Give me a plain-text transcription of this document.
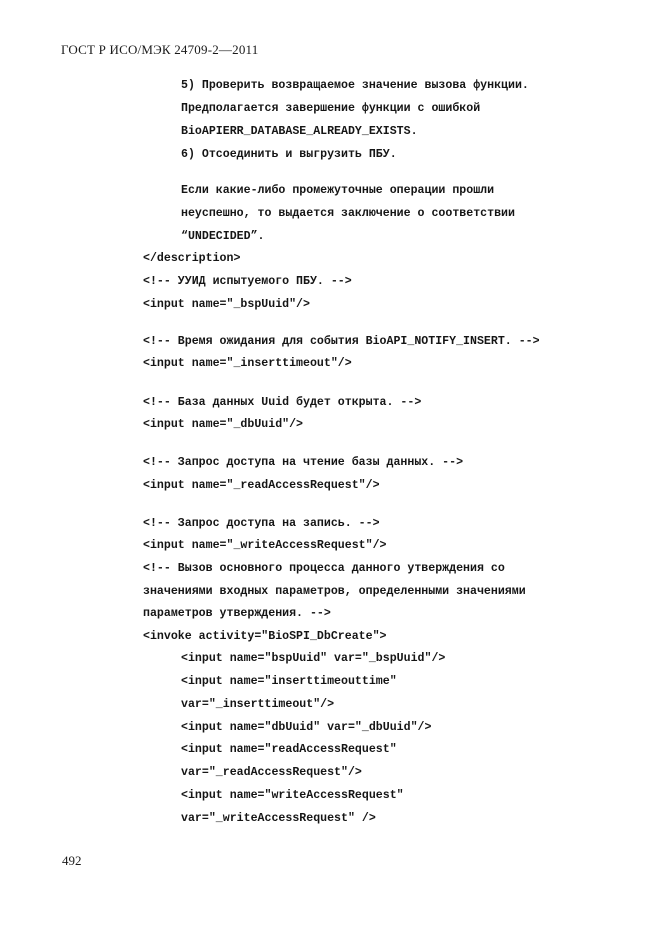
ГОСТ Р ИСО/МЭК 24709-2—2011
5) Проверить возвращаемое значение вызова функции.
Предполагается завершение функции с ошибкой
BioAPIERR_DATABASE_ALREADY_EXISTS.
6) Отсоединить и выгрузить ПБУ.
Если какие-либо промежуточные операции прошли
неуспешно, то выдается заключение о соответствии
“UNDECIDED”.
</description>
<!-- УУИД испытуемого ПБУ. -->
<input name="_bspUuid"/>
<!-- Время ожидания для события BioAPI_NOTIFY_INSERT. -->
<input name="_inserttimeout"/>
<!-- База данных Uuid будет открыта. -->
<input name="_dbUuid"/>
<!-- Запрос доступа на чтение базы данных. -->
<input name="_readAccessRequest"/>
<!-- Запрос доступа на запись. -->
<input name="_writeAccessRequest"/>
<!-- Вызов основного процесса данного утверждения со
значениями входных параметров, определенными значениями
параметров утверждения. -->
<invoke activity="BioSPI_DbCreate">
<input name="bspUuid" var="_bspUuid"/>
<input name="inserttimeouttime"
var="_inserttimeout"/>
<input name="dbUuid" var="_dbUuid"/>
<input name="readAccessRequest"
var="_readAccessRequest"/>
<input name="writeAccessRequest"
var="_writeAccessRequest" />
492
